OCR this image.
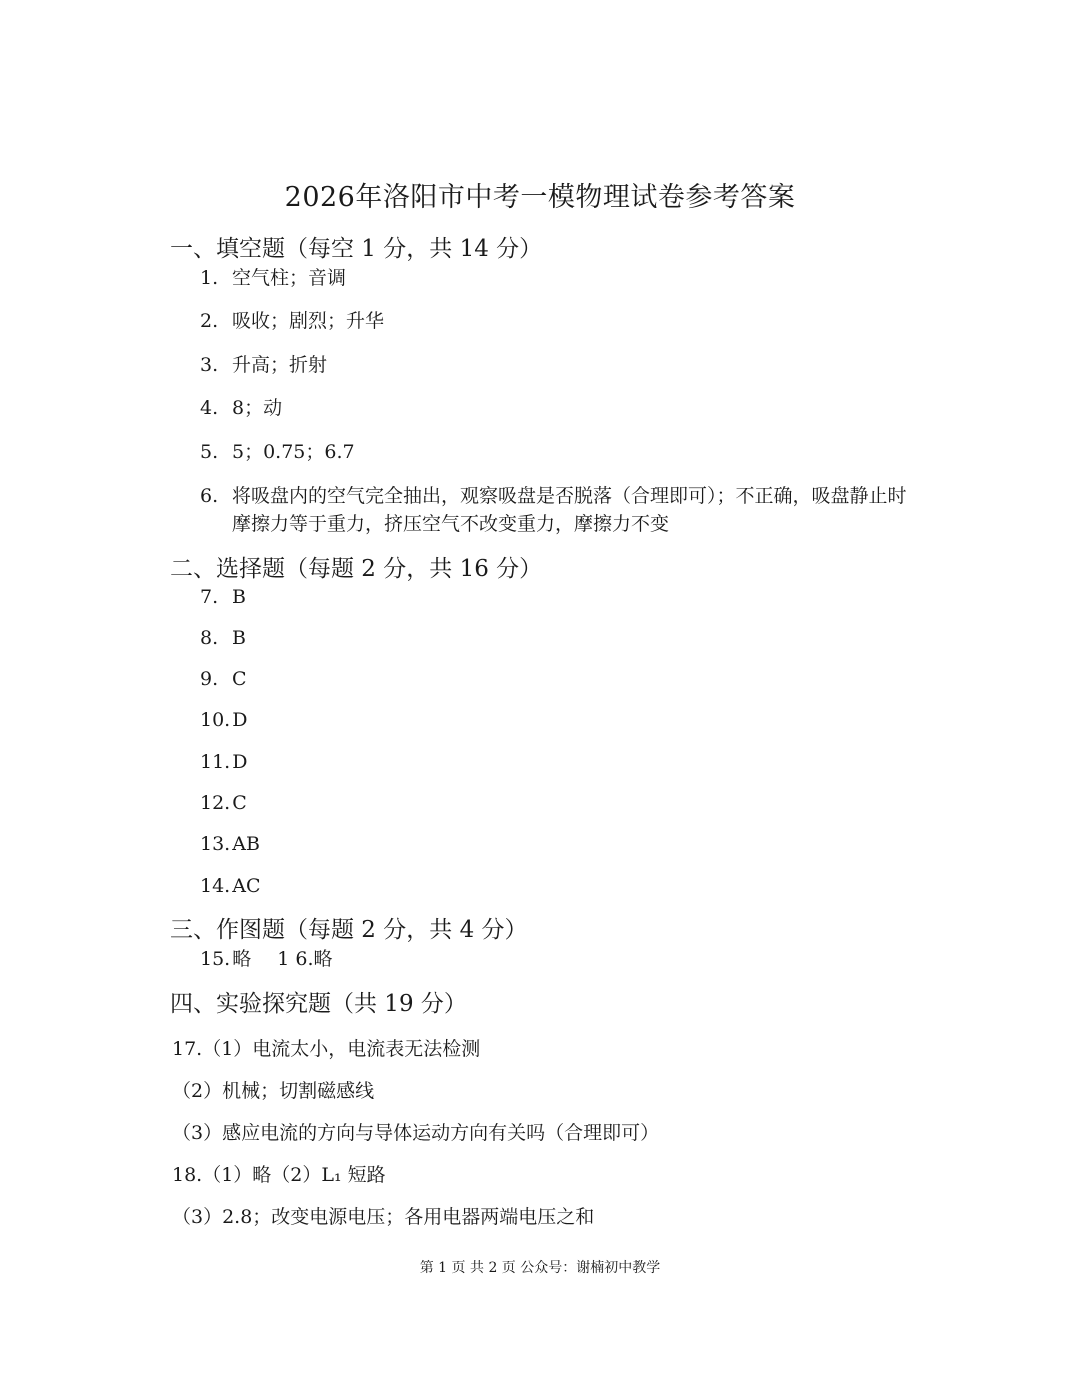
2026年洛阳市中考一模物理试卷参考答案
一、填空题（每空 1 分，共 14 分）
1. 空气柱；音调
2. 吸收；剧烈；升华
3. 升高；折射
4. 8；动
5. 5；0.75；6.7
6. 将吸盘内的空气完全抽出，观察吸盘是否脱落（合理即可）；不正确，吸盘静止时摩擦力等于重力，挤压空气不改变重力，摩擦力不变
二、选择题（每题 2 分，共 16 分）
7. B
8. B
9. C
10. D
11. D
12. C
13. AB
14. AC
三、作图题（每题 2 分，共 4 分）
15. 略 1 6.略
四、实验探究题（共 19 分）
17.（1）电流太小，电流表无法检测
（2）机械；切割磁感线
（3）感应电流的方向与导体运动方向有关吗（合理即可）
18.（1）略（2）L₁ 短路
（3）2.8；改变电源电压；各用电器两端电压之和
第 1 页 共 2 页 公众号：谢楠初中教学
